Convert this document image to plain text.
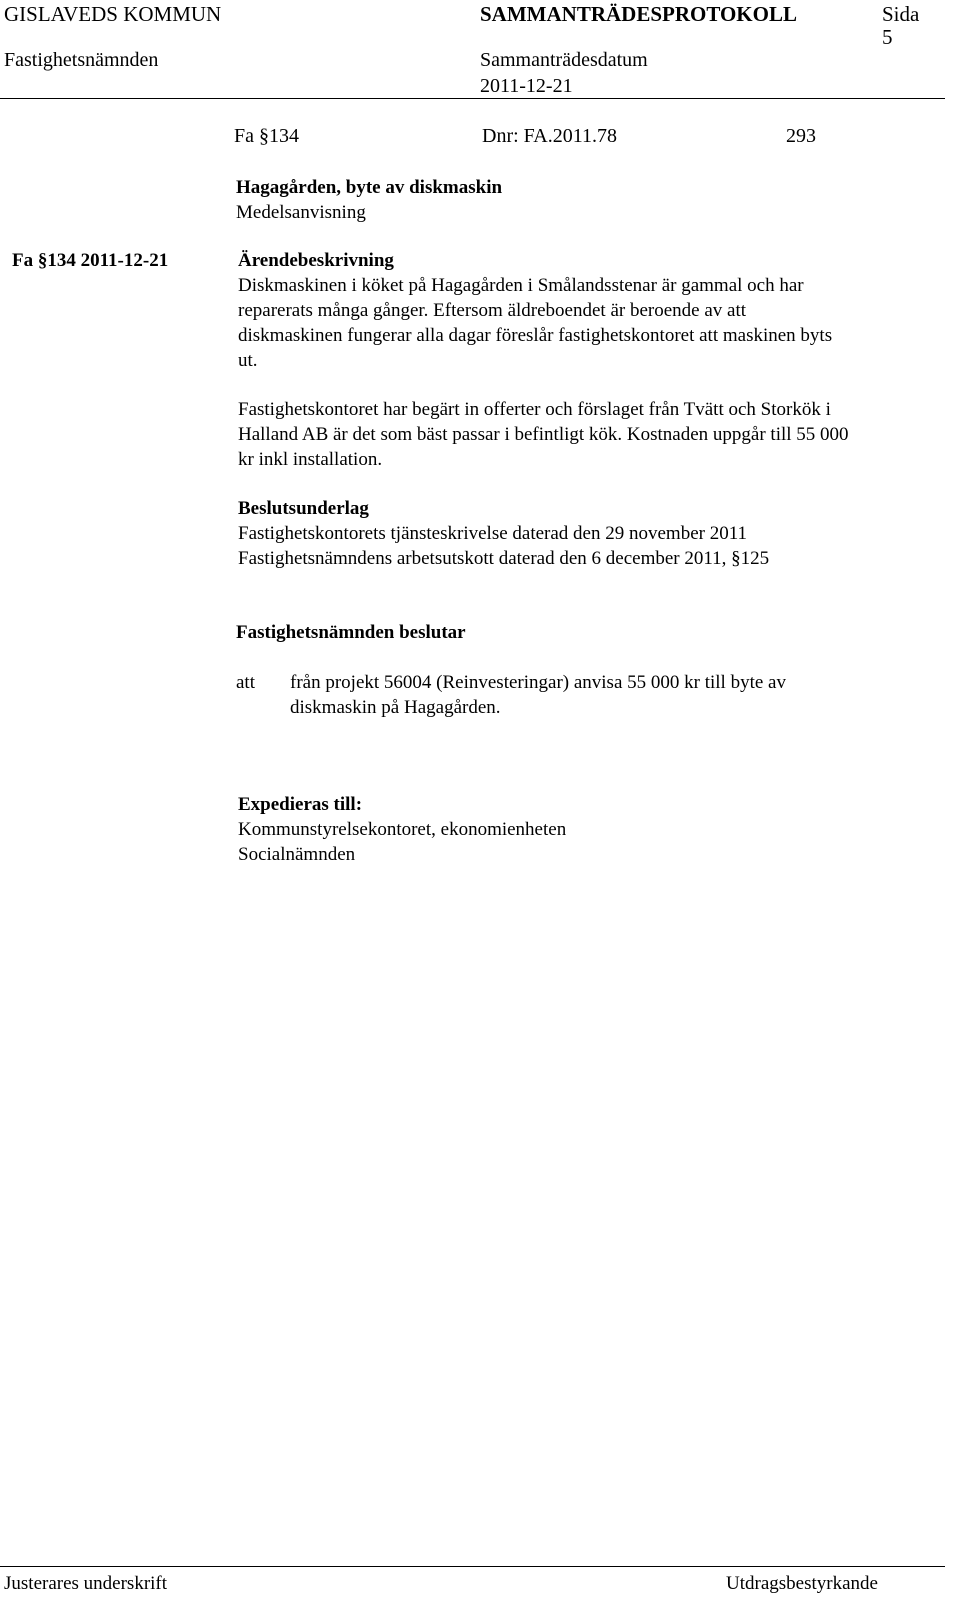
GISLAVEDS KOMMUN	SAMMANTRÄDESPROTOKOLL	Sida
5
Fastighetsnämnden	Sammanträdesdatum
2011-12-21
Fa §134	Dnr: FA.2011.78	293
Hagagården, byte av diskmaskin
Medelsanvisning
Fa §134 2011-12-21	Ärendebeskrivning
Diskmaskinen i köket på Hagagården i Smålandsstenar är gammal och har
reparerats många gånger. Eftersom äldreboendet är beroende av att
diskmaskinen fungerar alla dagar föreslår fastighetskontoret att maskinen byts
ut.
Fastighetskontoret har begärt in offerter och förslaget från Tvätt och Storkök i
Halland AB är det som bäst passar i befintligt kök. Kostnaden uppgår till 55 000
kr inkl installation.
Beslutsunderlag
Fastighetskontorets tjänsteskrivelse daterad den 29 november 2011
Fastighetsnämndens arbetsutskott daterad den 6 december 2011, §125
Fastighetsnämnden beslutar
att från projekt 56004 (Reinvesteringar) anvisa 55 000 kr till byte av
diskmaskin på Hagagården.
Expedieras till:
Kommunstyrelsekontoret, ekonomienheten
Socialnämnden
Justerares underskrift	Utdragsbestyrkande
